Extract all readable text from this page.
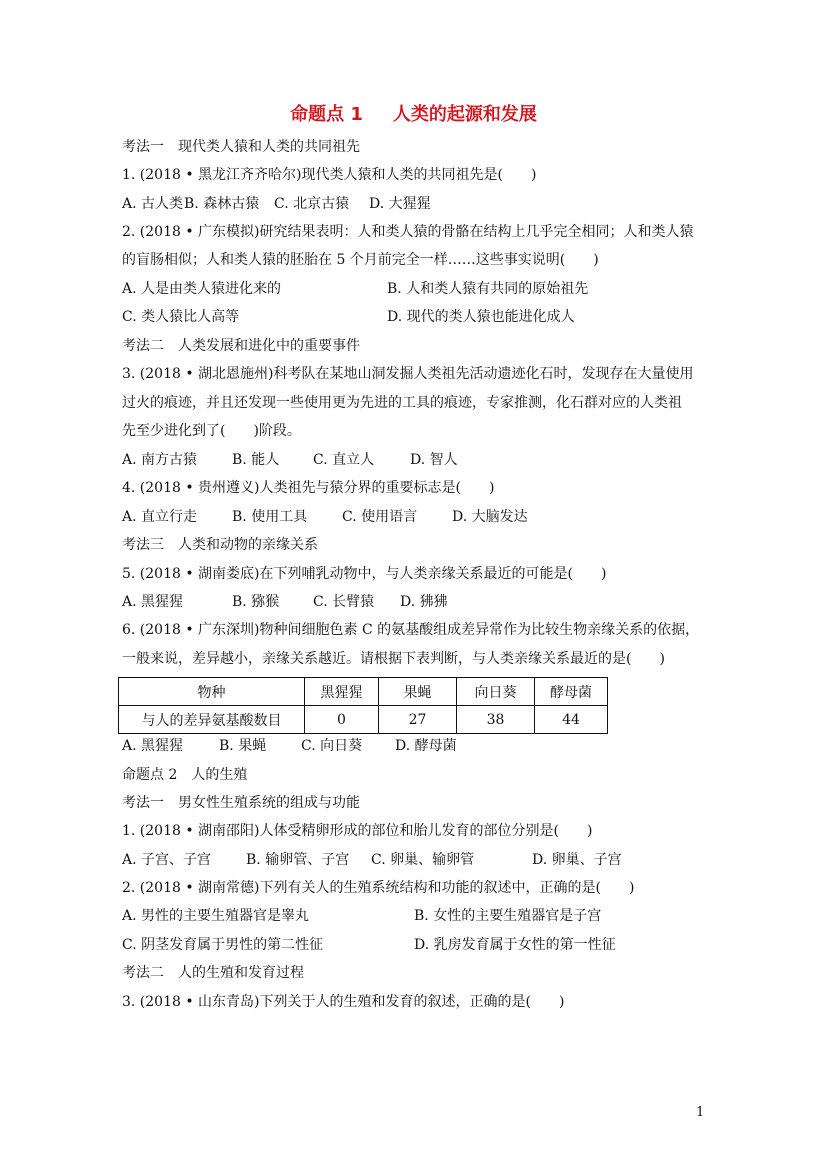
命题点 1 人类的起源和发展
考法一　现代类人猿和人类的共同祖先
1. (2018 • 黑龙江齐齐哈尔)现代类人猿和人类的共同祖先是(　　)
A. 古人类B. 森林古猿 C. 北京古猿 D. 大猩猩
2. (2018 • 广东模拟)研究结果表明：人和类人猿的骨骼在结构上几乎完全相同；人和类人猿
的盲肠相似；人和类人猿的胚胎在 5 个月前完全一样……这些事实说明(　　)
A. 人是由类人猿进化来的	B. 人和类人猿有共同的原始祖先
C. 类人猿比人高等	D. 现代的类人猿也能进化成人
考法二　人类发展和进化中的重要事件
3. (2018 • 湖北恩施州)科考队在某地山洞发掘人类祖先活动遗迹化石时，发现存在大量使用
过火的痕迹，并且还发现一些使用更为先进的工具的痕迹，专家推测，化石群对应的人类祖
先至少进化到了(　　)阶段。
A. 南方古猿 B. 能人 C. 直立人	D. 智人
4. (2018 • 贵州遵义)人类祖先与猿分界的重要标志是(　　)
A. 直立行走 B. 使用工具 C. 使用语言 D. 大脑发达
考法三　人类和动物的亲缘关系
5. (2018 • 湖南娄底)在下列哺乳动物中，与人类亲缘关系最近的可能是(　　)
A. 黑猩猩	B. 猕猴 C. 长臂猿 D. 狒狒
6. (2018 • 广东深圳)物种间细胞色素 C 的氨基酸组成差异常作为比较生物亲缘关系的依据，
一般来说，差异越小，亲缘关系越近。请根据下表判断，与人类亲缘关系最近的是(　　)
物种	黑猩猩	果蝇	向日葵	酵母菌
与人的差异氨基酸数目	0	27	38	44
A. 黑猩猩	B. 果蝇 C. 向日葵 D. 酵母菌
命题点 2　人的生殖
考法一　男女性生殖系统的组成与功能
1. (2018 • 湖南邵阳)人体受精卵形成的部位和胎儿发育的部位分别是(　　)
A. 子宫、子宫 B. 输卵管、子宫 C. 卵巢、输卵管	D. 卵巢、子宫
2. (2018 • 湖南常德)下列有关人的生殖系统结构和功能的叙述中，正确的是(　　)
A. 男性的主要生殖器官是睾丸	B. 女性的主要生殖器官是子宫
C. 阴茎发育属于男性的第二性征	D. 乳房发育属于女性的第一性征
考法二　人的生殖和发育过程
3. (2018 • 山东青岛)下列关于人的生殖和发育的叙述，正确的是(　　)
1
